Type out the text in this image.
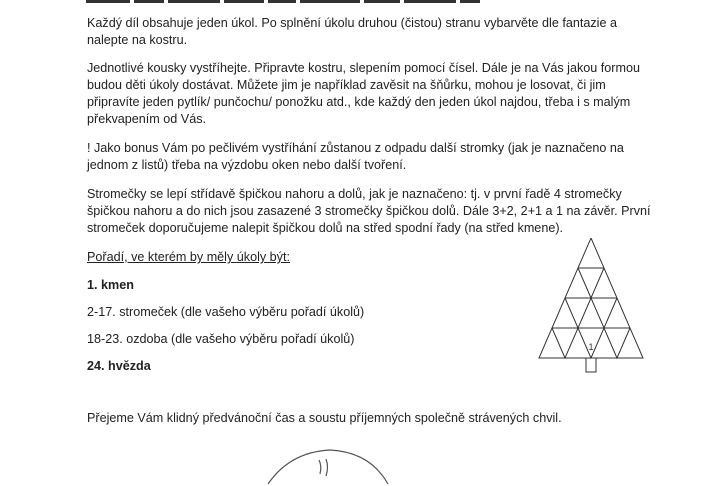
Každý díl obsahuje jeden úkol. Po splnění úkolu druhou (čistou) stranu vybarvěte dle fantazie a

nalepte na kostru.

Jednotlivé kousky vystříhejte. Připravte kostru, slepením pomocí čísel. Dále je na Vás jakou formou

budou děti úkoly dostávat. Můžete jim je například zavěsit na šňůrku, mohou je losovat, či jim

připravíte jeden pytlík/ punčochu/ ponožku atd., kde každý den jeden úkol najdou, třeba i s malým

překvapením od Vás.

! Jako bonus Vám po pečlivém vystříhání zůstanou z odpadu další stromky (jak je naznačeno na

jednom z listů) třeba na výzdobu oken nebo další tvoření.

Stromečky se lepí střídavě špičkou nahoru a dolů, jak je naznačeno: tj. v první řadě 4 stromečky

špičkou nahoru a do nich jsou zasazené 3 stromečky špičkou dolů. Dále 3+2, 2+1 a 1 na závěr. První

stromeček doporučujeme nalepit špičkou dolů na střed spodní řady (na střed kmene).

Pořadí, ve kterém by měly úkoly být:

1. kmen

2-17. stromeček (dle vašeho výběru pořadí úkolů)

18-23. ozdoba (dle vašeho výběru pořadí úkolů)

24. hvězda

Přejeme Vám klidný předvánoční čas a soustu příjemných společně strávených chvil.

1
